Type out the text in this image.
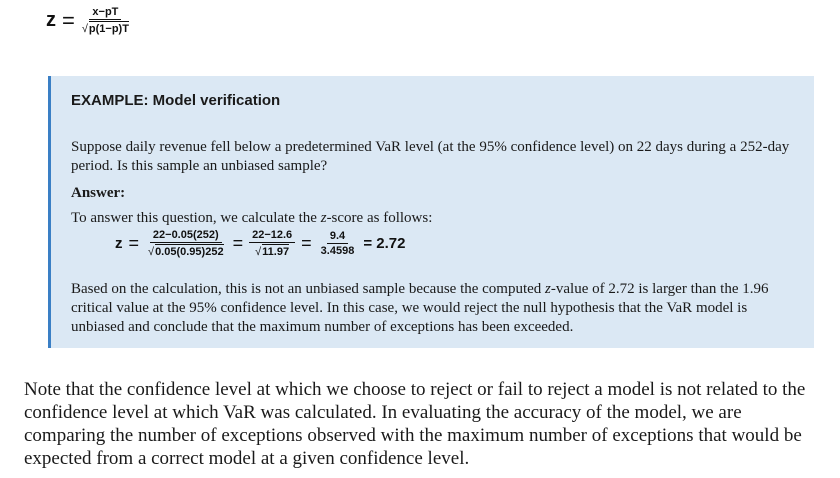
$z = \frac{x-pT}{√ p(1-p)T}$
EXAMPLE: Model verification
Suppose daily revenue fell below a predetermined VaR level (at the 95% confidence level) on 22 days during a 252-day period. Is this sample an unbiased sample?
Answer:
To answer this question, we calculate the z-score as follows:
$z = \frac{22-0.05(252)}{√ 0.05(0.95)252} = \frac{22-12.6}{√ 11.97} = \frac{9.4}{3.4598} = 2.72$
Based on the calculation, this is not an unbiased sample because the computed z-value of 2.72 is larger than the 1.96 critical value at the 95% confidence level. In this case, we would reject the null hypothesis that the VaR model is unbiased and conclude that the maximum number of exceptions has been exceeded.
Note that the confidence level at which we choose to reject or fail to reject a model is not related to the confidence level at which VaR was calculated. In evaluating the accuracy of the model, we are comparing the number of exceptions observed with the maximum number of exceptions that would be expected from a correct model at a given confidence level.
